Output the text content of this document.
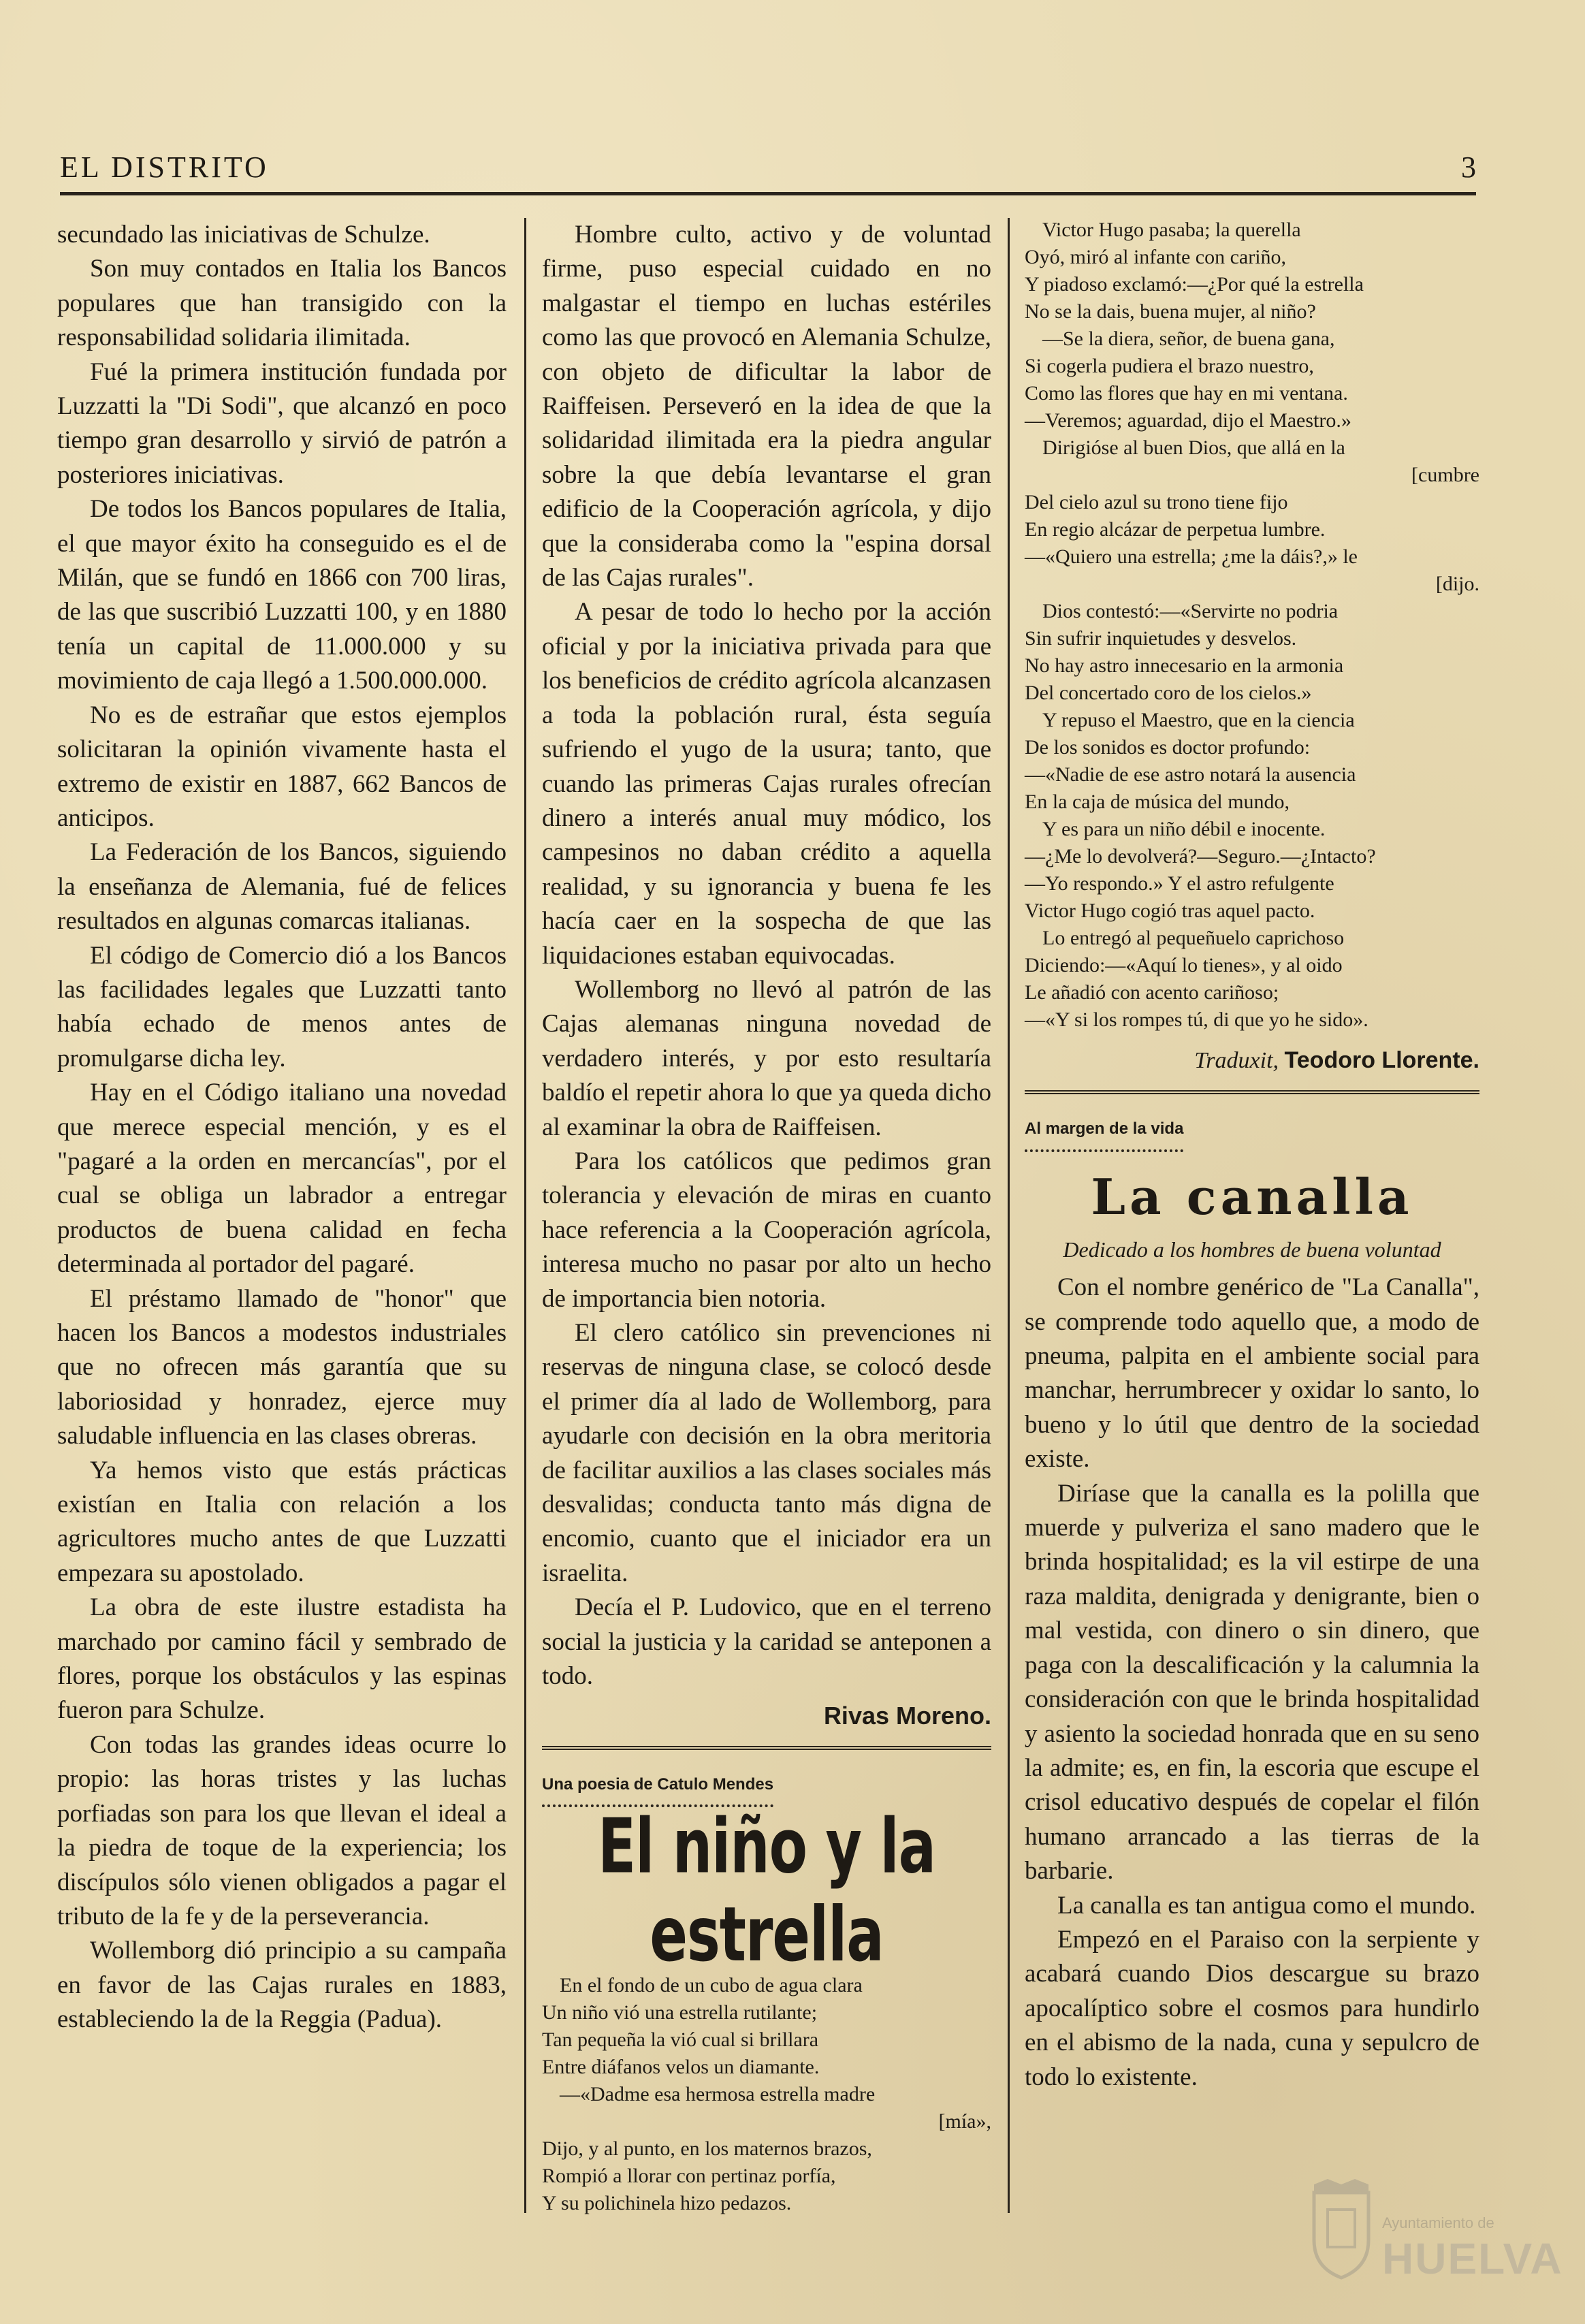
EL DISTRITO	3

secundado las iniciativas de Schulze.

Son muy contados en Italia los Bancos populares que han transigido con la responsabilidad solidaria ilimitada.

Fué la primera institución fundada por Luzzatti la "Di Sodi", que alcanzó en poco tiempo gran desarrollo y sirvió de patrón a posteriores iniciativas.

De todos los Bancos populares de Italia, el que mayor éxito ha conseguido es el de Milán, que se fundó en 1866 con 700 liras, de las que suscribió Luzzatti 100, y en 1880 tenía un capital de 11.000.000 y su movimiento de caja llegó a 1.500.000.000.

No es de estrañar que estos ejemplos solicitaran la opinión vivamente hasta el extremo de existir en 1887, 662 Bancos de anticipos.

La Federación de los Bancos, siguiendo la enseñanza de Alemania, fué de felices resultados en algunas comarcas italianas.

El código de Comercio dió a los Bancos las facilidades legales que Luzzatti tanto había echado de menos antes de promulgarse dicha ley.

Hay en el Código italiano una novedad que merece especial mención, y es el "pagaré a la orden en mercancías", por el cual se obliga un labrador a entregar productos de buena calidad en fecha determinada al portador del pagaré.

El préstamo llamado de "honor" que hacen los Bancos a modestos industriales que no ofrecen más garantía que su laboriosidad y honradez, ejerce muy saludable influencia en las clases obreras.

Ya hemos visto que estás prácticas existían en Italia con relación a los agricultores mucho antes de que Luzzatti empezara su apostolado.

La obra de este ilustre estadista ha marchado por camino fácil y sembrado de flores, porque los obstáculos y las espinas fueron para Schulze.

Con todas las grandes ideas ocurre lo propio: las horas tristes y las luchas porfiadas son para los que llevan el ideal a la piedra de toque de la experiencia; los discípulos sólo vienen obligados a pagar el tributo de la fe y de la perseverancia.

Wollemborg dió principio a su campaña en favor de las Cajas rurales en 1883, estableciendo la de la Reggia (Padua).

Hombre culto, activo y de voluntad firme, puso especial cuidado en no malgastar el tiempo en luchas estériles como las que provocó en Alemania Schulze, con objeto de dificultar la labor de Raiffeisen. Perseveró en la idea de que la solidaridad ilimitada era la piedra angular sobre la que debía levantarse el gran edificio de la Cooperación agrícola, y dijo que la consideraba como la "espina dorsal de las Cajas rurales".

A pesar de todo lo hecho por la acción oficial y por la iniciativa privada para que los beneficios de crédito agrícola alcanzasen a toda la población rural, ésta seguía sufriendo el yugo de la usura; tanto, que cuando las primeras Cajas rurales ofrecían dinero a interés anual muy módico, los campesinos no daban crédito a aquella realidad, y su ignorancia y buena fe les hacía caer en la sospecha de que las liquidaciones estaban equivocadas.

Wollemborg no llevó al patrón de las Cajas alemanas ninguna novedad de verdadero interés, y por esto resultaría baldío el repetir ahora lo que ya queda dicho al examinar la obra de Raiffeisen.

Para los católicos que pedimos gran tolerancia y elevación de miras en cuanto hace referencia a la Cooperación agrícola, interesa mucho no pasar por alto un hecho de importancia bien notoria.

El clero católico sin prevenciones ni reservas de ninguna clase, se colocó desde el primer día al lado de Wollemborg, para ayudarle con decisión en la obra meritoria de facilitar auxilios a las clases sociales más desvalidas; conducta tanto más digna de encomio, cuanto que el iniciador era un israelita.

Decía el P. Ludovico, que en el terreno social la justicia y la caridad se anteponen a todo.

Rivas Moreno.

Una poesia de Catulo Mendes
El niño y la estrella
En el fondo de un cubo de agua clara
Un niño vió una estrella rutilante;
Tan pequeña la vió cual si brillara
Entre diáfanos velos un diamante.
—«Dadme esa hermosa estrella madre
[mía»,
Dijo, y al punto, en los maternos brazos,
Rompió a llorar con pertinaz porfía,
Y su polichinela hizo pedazos.
Victor Hugo pasaba; la querella
Oyó, miró al infante con cariño,
Y piadoso exclamó:—¿Por qué la estrella
No se la dais, buena mujer, al niño?
—Se la diera, señor, de buena gana,
Si cogerla pudiera el brazo nuestro,
Como las flores que hay en mi ventana.
—Veremos; aguardad, dijo el Maestro.»
Dirigióse al buen Dios, que allá en la
[cumbre
Del cielo azul su trono tiene fijo
En regio alcázar de perpetua lumbre.
—«Quiero una estrella; ¿me la dáis?,» le
[dijo.
Dios contestó:—«Servirte no podria
Sin sufrir inquietudes y desvelos.
No hay astro innecesario en la armonia
Del concertado coro de los cielos.»
Y repuso el Maestro, que en la ciencia
De los sonidos es doctor profundo:
—«Nadie de ese astro notará la ausencia
En la caja de música del mundo,
Y es para un niño débil e inocente.
—¿Me lo devolverá?—Seguro.—¿Intacto?
—Yo respondo.» Y el astro refulgente
Victor Hugo cogió tras aquel pacto.
Lo entregó al pequeñuelo caprichoso
Diciendo:—«Aquí lo tienes», y al oido
Le añadió con acento cariñoso;
—«Y si los rompes tú, di que yo he sido».

Traduxit, Teodoro Llorente.

Al margen de la vida
La canalla

Dedicado a los hombres de buena voluntad

Con el nombre genérico de "La Canalla", se comprende todo aquello que, a modo de pneuma, palpita en el ambiente social para manchar, herrumbrecer y oxidar lo santo, lo bueno y lo útil que dentro de la sociedad existe.

Diríase que la canalla es la polilla que muerde y pulveriza el sano madero que le brinda hospitalidad; es la vil estirpe de una raza maldita, denigrada y denigrante, bien o mal vestida, con dinero o sin dinero, que paga con la descalificación y la calumnia la consideración con que le brinda hospitalidad y asiento la sociedad honrada que en su seno la admite; es, en fin, la escoria que escupe el crisol educativo después de copelar el filón humano arrancado a las tierras de la barbarie.

La canalla es tan antigua como el mundo.

Empezó en el Paraiso con la serpiente y acabará cuando Dios descargue su brazo apocalíptico sobre el cosmos para hundirlo en el abismo de la nada, cuna y sepulcro de todo lo existente.

Ayuntamiento de
HUELVA
